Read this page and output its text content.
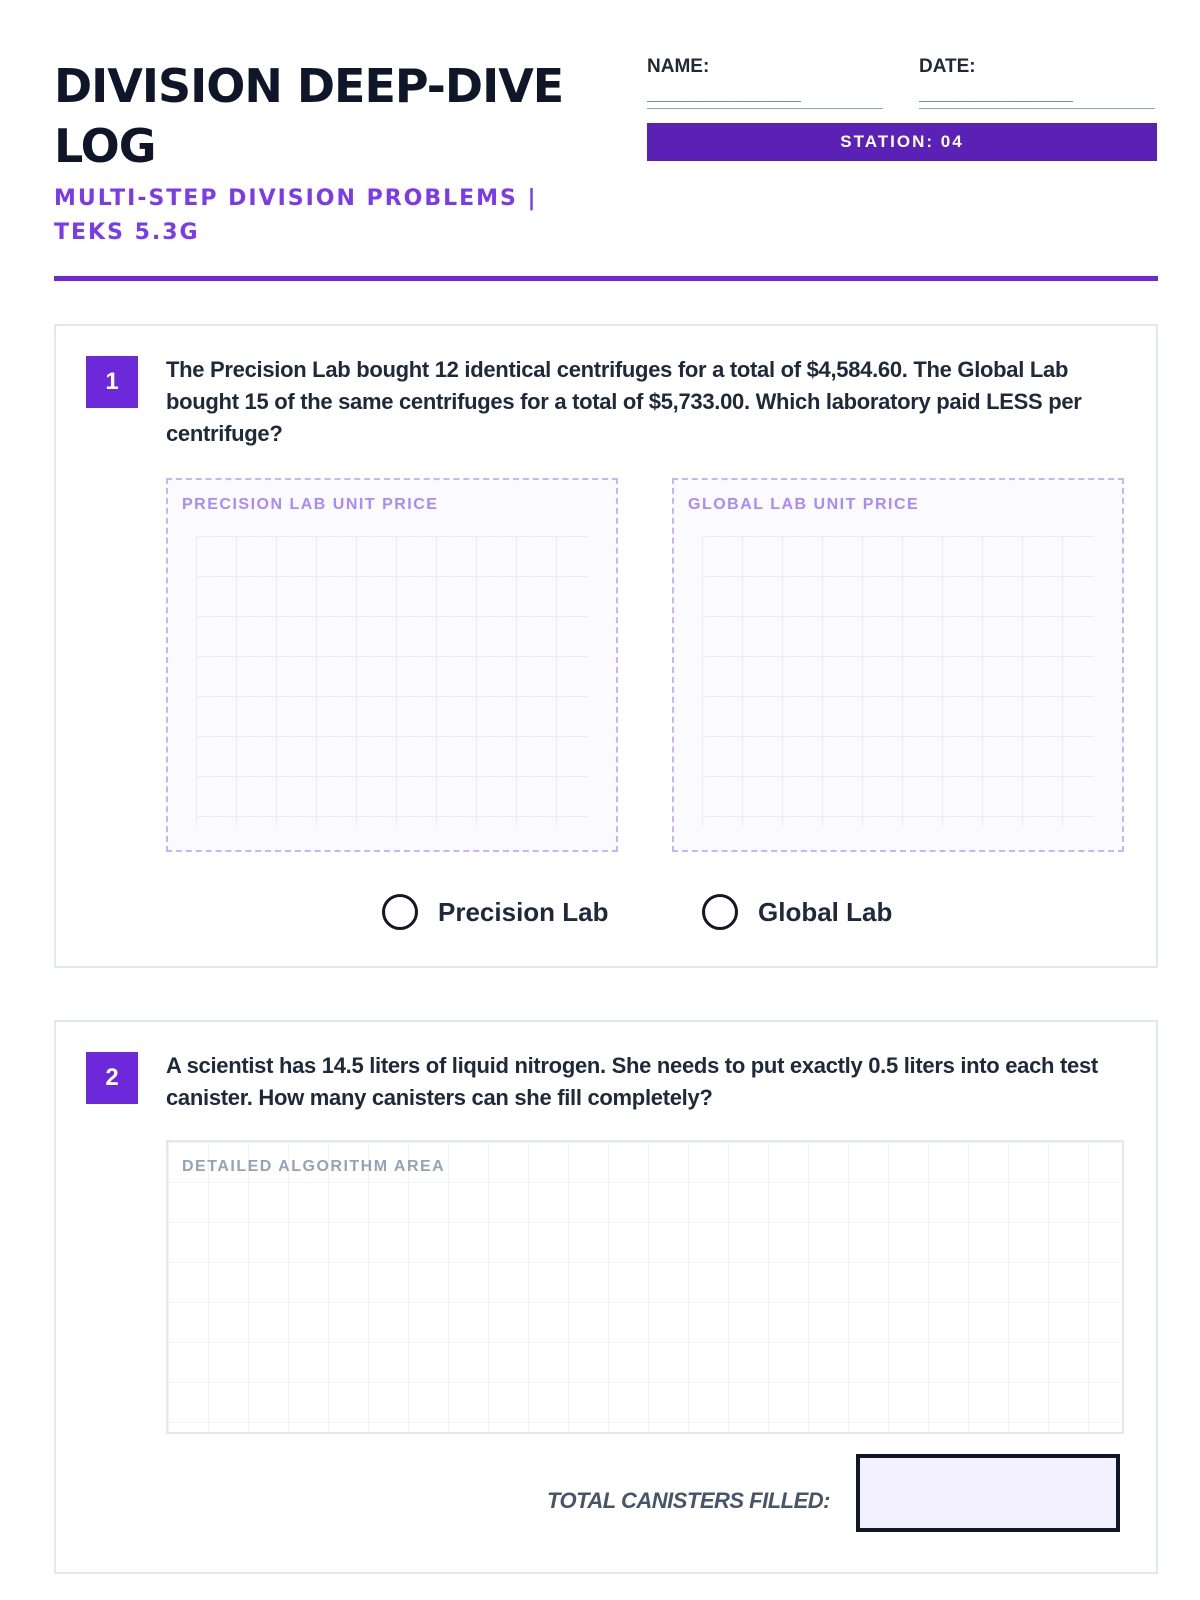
DIVISION DEEP-DIVE LOG
MULTI-STEP DIVISION PROBLEMS | TEKS 5.3G
NAME:
________________
DATE:
________________
STATION: 04
1	The Precision Lab bought 12 identical centrifuges for a total of $4,584.60. The Global Lab bought 15 of the same centrifuges for a total of $5,733.00. Which laboratory paid LESS per centrifuge?
PRECISION LAB UNIT PRICE	GLOBAL LAB UNIT PRICE
Precision Lab	Global Lab
2	A scientist has 14.5 liters of liquid nitrogen. She needs to put exactly 0.5 liters into each test canister. How many canisters can she fill completely?
DETAILED ALGORITHM AREA
TOTAL CANISTERS FILLED:
